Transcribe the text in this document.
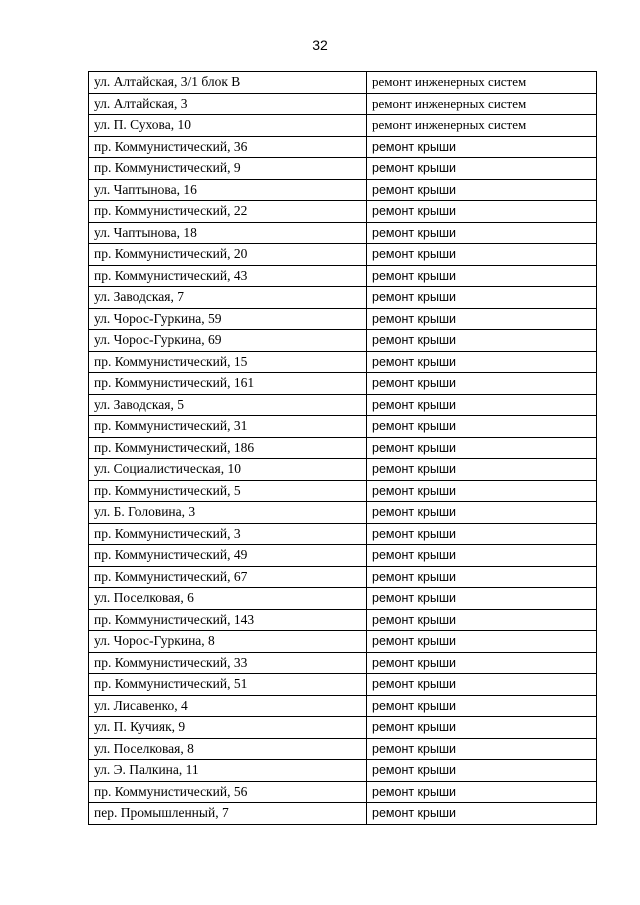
32
ул. Алтайская, 3/1 блок В	ремонт инженерных систем
ул. Алтайская, 3	ремонт инженерных систем
ул. П. Сухова, 10	ремонт инженерных систем
пр. Коммунистический, 36	ремонт крыши
пр. Коммунистический, 9	ремонт крыши
ул. Чаптынова, 16	ремонт крыши
пр. Коммунистический, 22	ремонт крыши
ул. Чаптынова, 18	ремонт крыши
пр. Коммунистический, 20	ремонт крыши
пр. Коммунистический, 43	ремонт крыши
ул. Заводская, 7	ремонт крыши
ул. Чорос-Гуркина, 59	ремонт крыши
ул. Чорос-Гуркина, 69	ремонт крыши
пр. Коммунистический, 15	ремонт крыши
пр. Коммунистический, 161	ремонт крыши
ул. Заводская, 5	ремонт крыши
пр. Коммунистический, 31	ремонт крыши
пр. Коммунистический, 186	ремонт крыши
ул. Социалистическая, 10	ремонт крыши
пр. Коммунистический, 5	ремонт крыши
ул. Б. Головина, 3	ремонт крыши
пр. Коммунистический, 3	ремонт крыши
пр. Коммунистический, 49	ремонт крыши
пр. Коммунистический, 67	ремонт крыши
ул. Поселковая, 6	ремонт крыши
пр. Коммунистический, 143	ремонт крыши
ул. Чорос-Гуркина, 8	ремонт крыши
пр. Коммунистический, 33	ремонт крыши
пр. Коммунистический, 51	ремонт крыши
ул. Лисавенко, 4	ремонт крыши
ул. П. Кучияк, 9	ремонт крыши
ул. Поселковая, 8	ремонт крыши
ул. Э. Палкина, 11	ремонт крыши
пр. Коммунистический, 56	ремонт крыши
пер. Промышленный, 7	ремонт крыши
